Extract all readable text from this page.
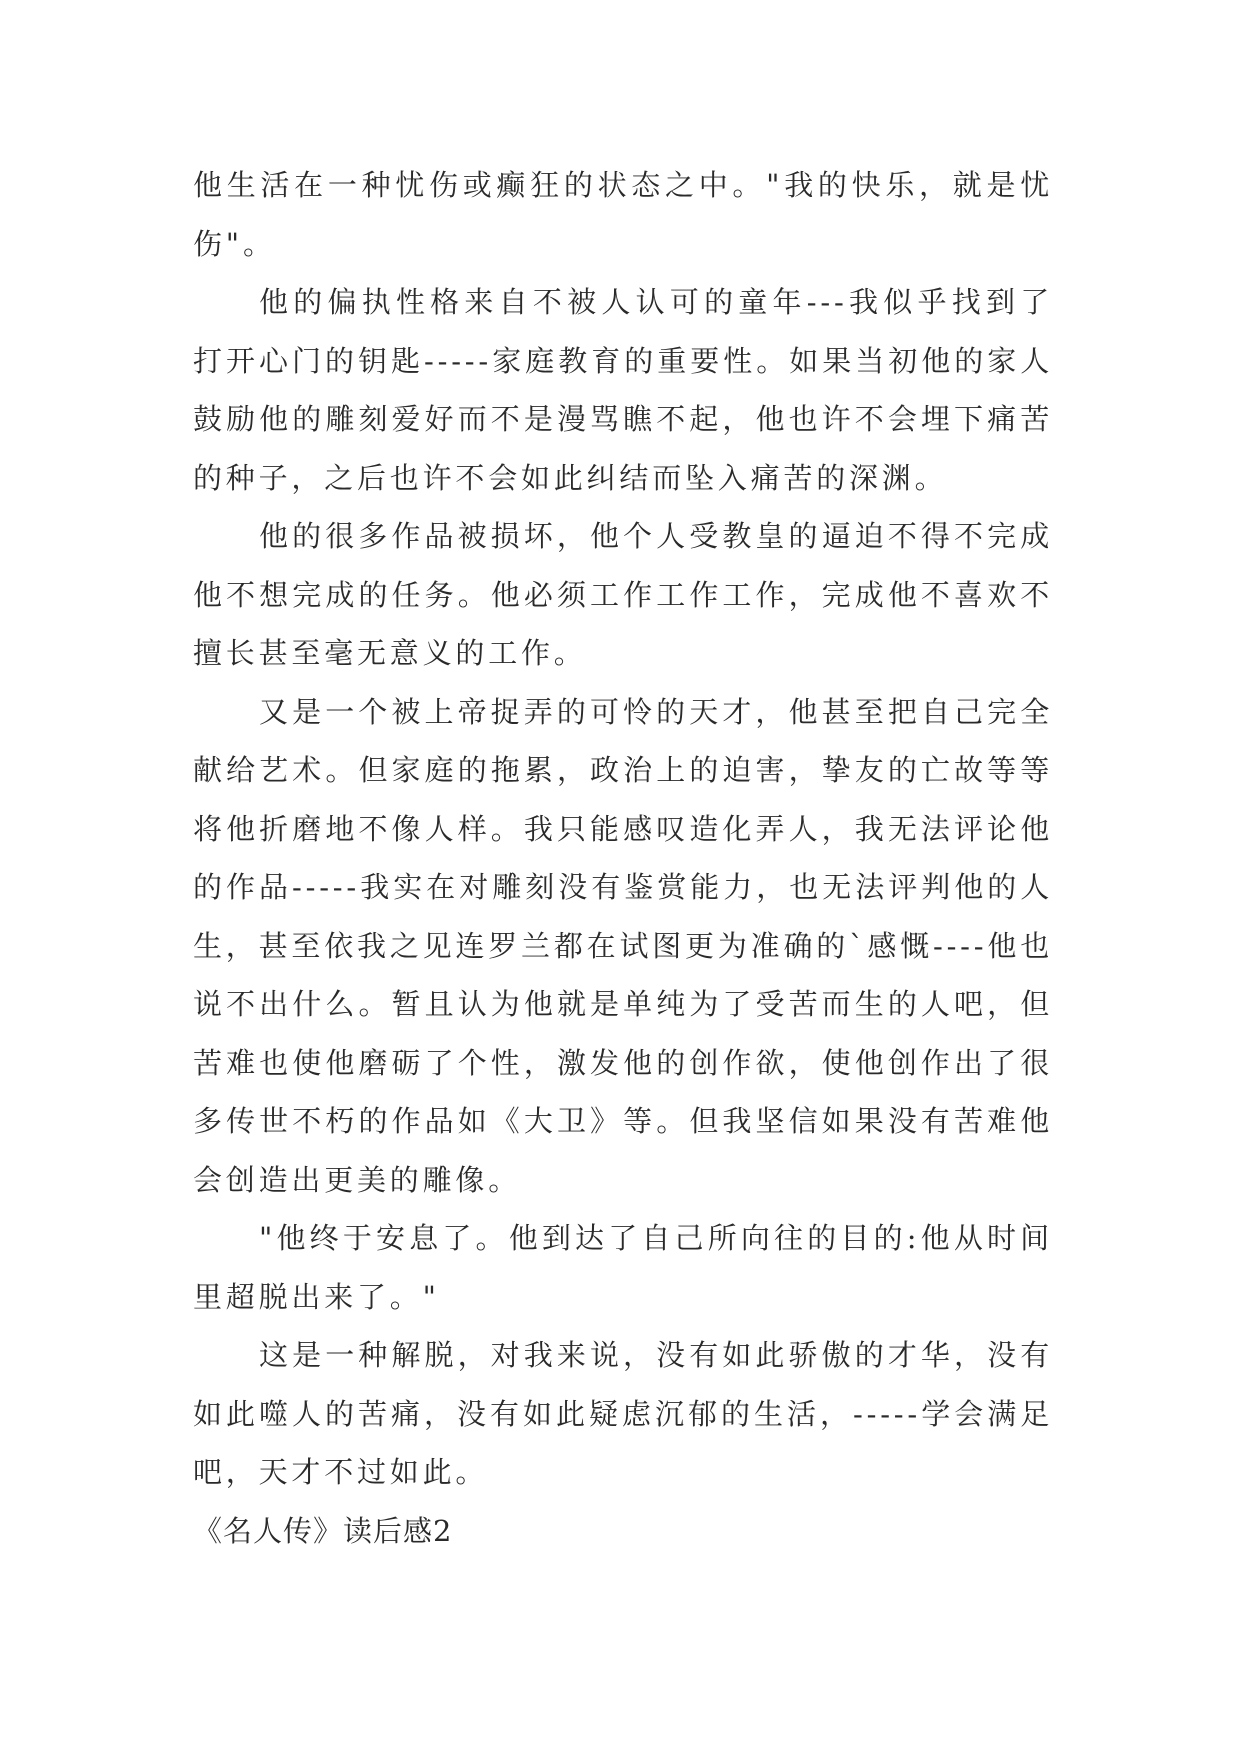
他生活在一种忧伤或癫狂的状态之中。"我的快乐，就是忧伤"。

他的偏执性格来自不被人认可的童年---我似乎找到了打开心门的钥匙-----家庭教育的重要性。如果当初他的家人鼓励他的雕刻爱好而不是漫骂瞧不起，他也许不会埋下痛苦的种子，之后也许不会如此纠结而坠入痛苦的深渊。

他的很多作品被损坏，他个人受教皇的逼迫不得不完成他不想完成的任务。他必须工作工作工作，完成他不喜欢不擅长甚至毫无意义的工作。

又是一个被上帝捉弄的可怜的天才，他甚至把自己完全献给艺术。但家庭的拖累，政治上的迫害，挚友的亡故等等将他折磨地不像人样。我只能感叹造化弄人，我无法评论他的作品-----我实在对雕刻没有鉴赏能力，也无法评判他的人生，甚至依我之见连罗兰都在试图更为准确的`感慨----他也说不出什么。暂且认为他就是单纯为了受苦而生的人吧，但苦难也使他磨砺了个性，激发他的创作欲，使他创作出了很多传世不朽的作品如《大卫》等。但我坚信如果没有苦难他会创造出更美的雕像。

"他终于安息了。他到达了自己所向往的目的:他从时间里超脱出来了。"

这是一种解脱，对我来说，没有如此骄傲的才华，没有如此噬人的苦痛，没有如此疑虑沉郁的生活，-----学会满足吧，天才不过如此。

《名人传》读后感2
